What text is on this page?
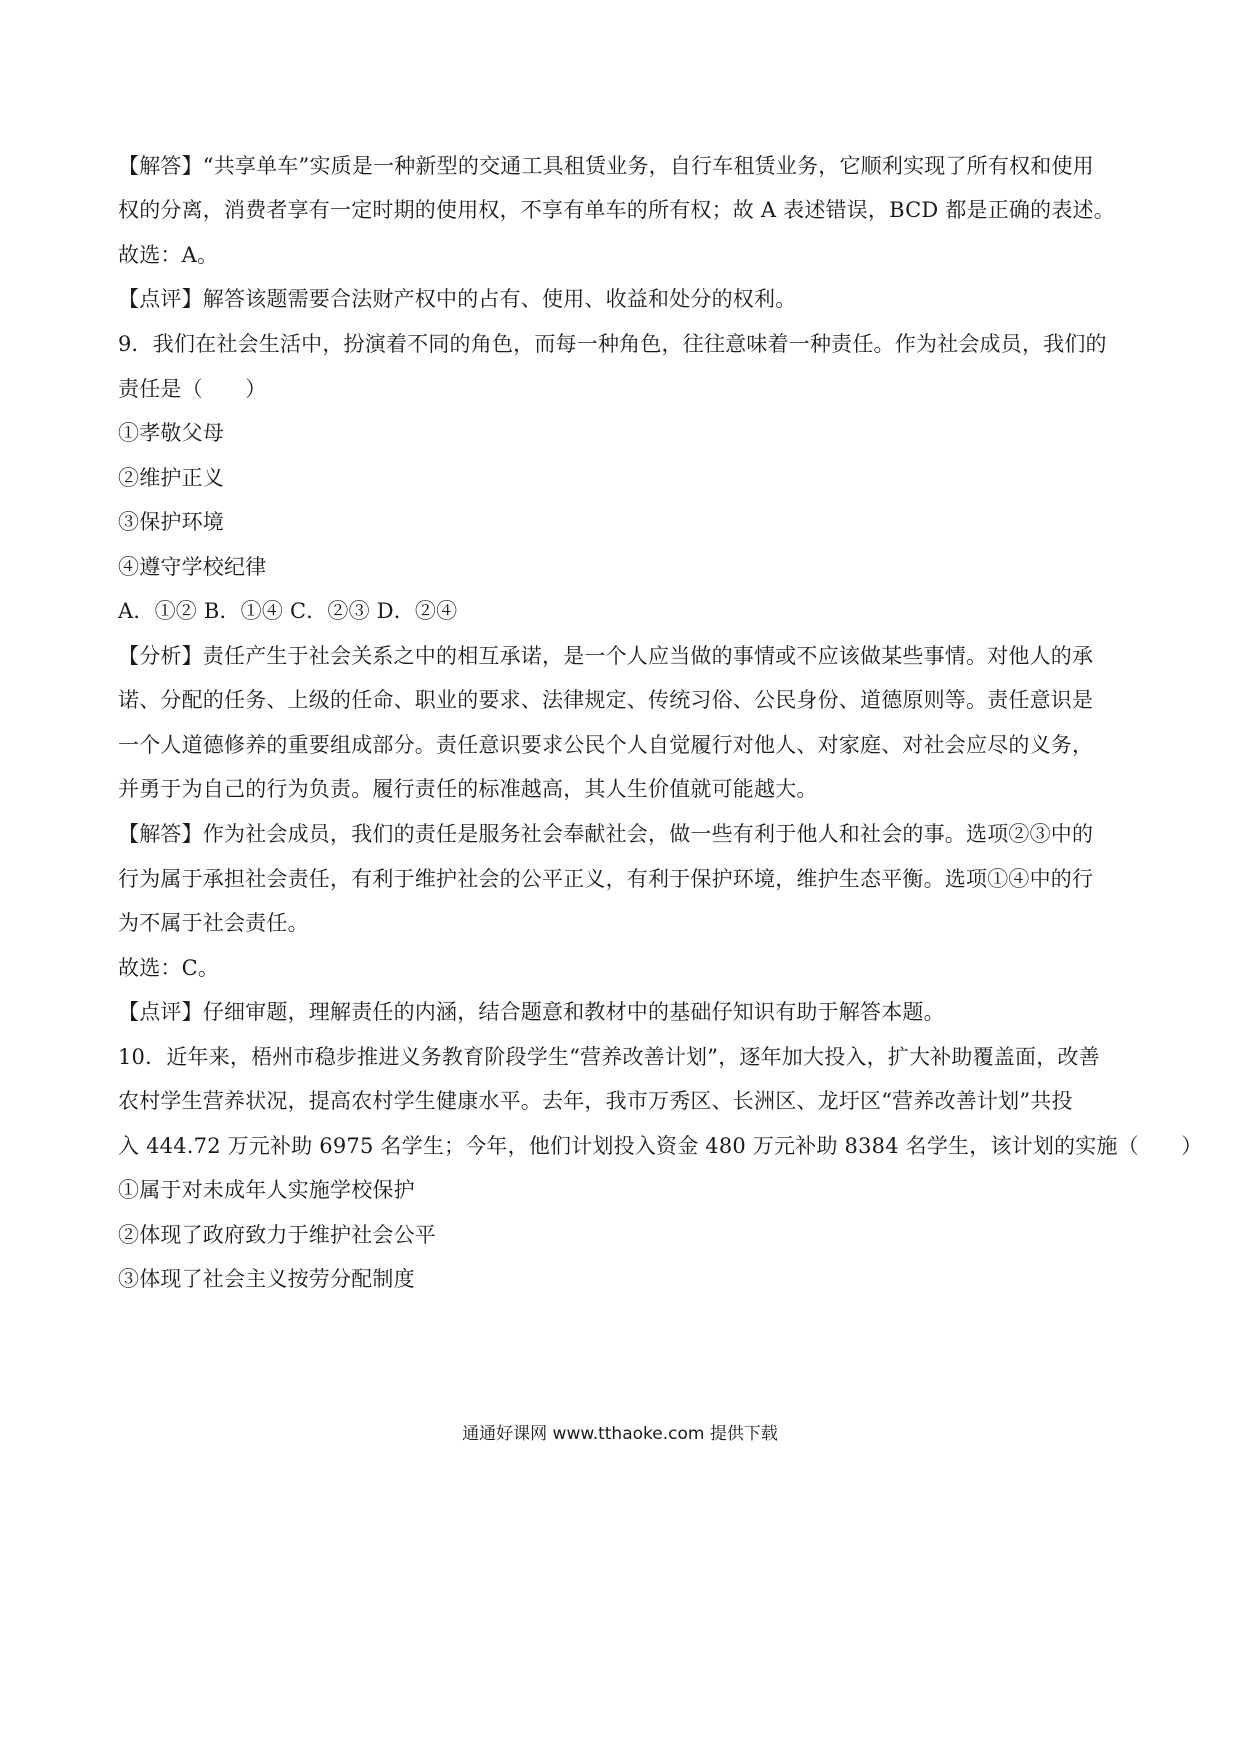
【解答】“共享单车”实质是一种新型的交通工具租赁业务，自行车租赁业务，它顺利实现了所有权和使用
权的分离，消费者享有一定时期的使用权，不享有单车的所有权；故 A 表述错误，BCD 都是正确的表述。
故选：A。
【点评】解答该题需要合法财产权中的占有、使用、收益和处分的权利。
9．我们在社会生活中，扮演着不同的角色，而每一种角色，往往意味着一种责任。作为社会成员，我们的
责任是（　　）
①孝敬父母
②维护正义
③保护环境
④遵守学校纪律
A．①② B．①④ C．②③ D．②④
【分析】责任产生于社会关系之中的相互承诺，是一个人应当做的事情或不应该做某些事情。对他人的承
诺、分配的任务、上级的任命、职业的要求、法律规定、传统习俗、公民身份、道德原则等。责任意识是
一个人道德修养的重要组成部分。责任意识要求公民个人自觉履行对他人、对家庭、对社会应尽的义务，
并勇于为自己的行为负责。履行责任的标准越高，其人生价值就可能越大。
【解答】作为社会成员，我们的责任是服务社会奉献社会，做一些有利于他人和社会的事。选项②③中的
行为属于承担社会责任，有利于维护社会的公平正义，有利于保护环境，维护生态平衡。选项①④中的行
为不属于社会责任。
故选：C。
【点评】仔细审题，理解责任的内涵，结合题意和教材中的基础仔知识有助于解答本题。
10．近年来，梧州市稳步推进义务教育阶段学生“营养改善计划”，逐年加大投入，扩大补助覆盖面，改善
农村学生营养状况，提高农村学生健康水平。去年，我市万秀区、长洲区、龙圩区“营养改善计划”共投
入 444.72 万元补助 6975 名学生；今年，他们计划投入资金 480 万元补助 8384 名学生，该计划的实施（　　）
①属于对未成年人实施学校保护
②体现了政府致力于维护社会公平
③体现了社会主义按劳分配制度
通通好课网 www.tthaoke.com 提供下载
